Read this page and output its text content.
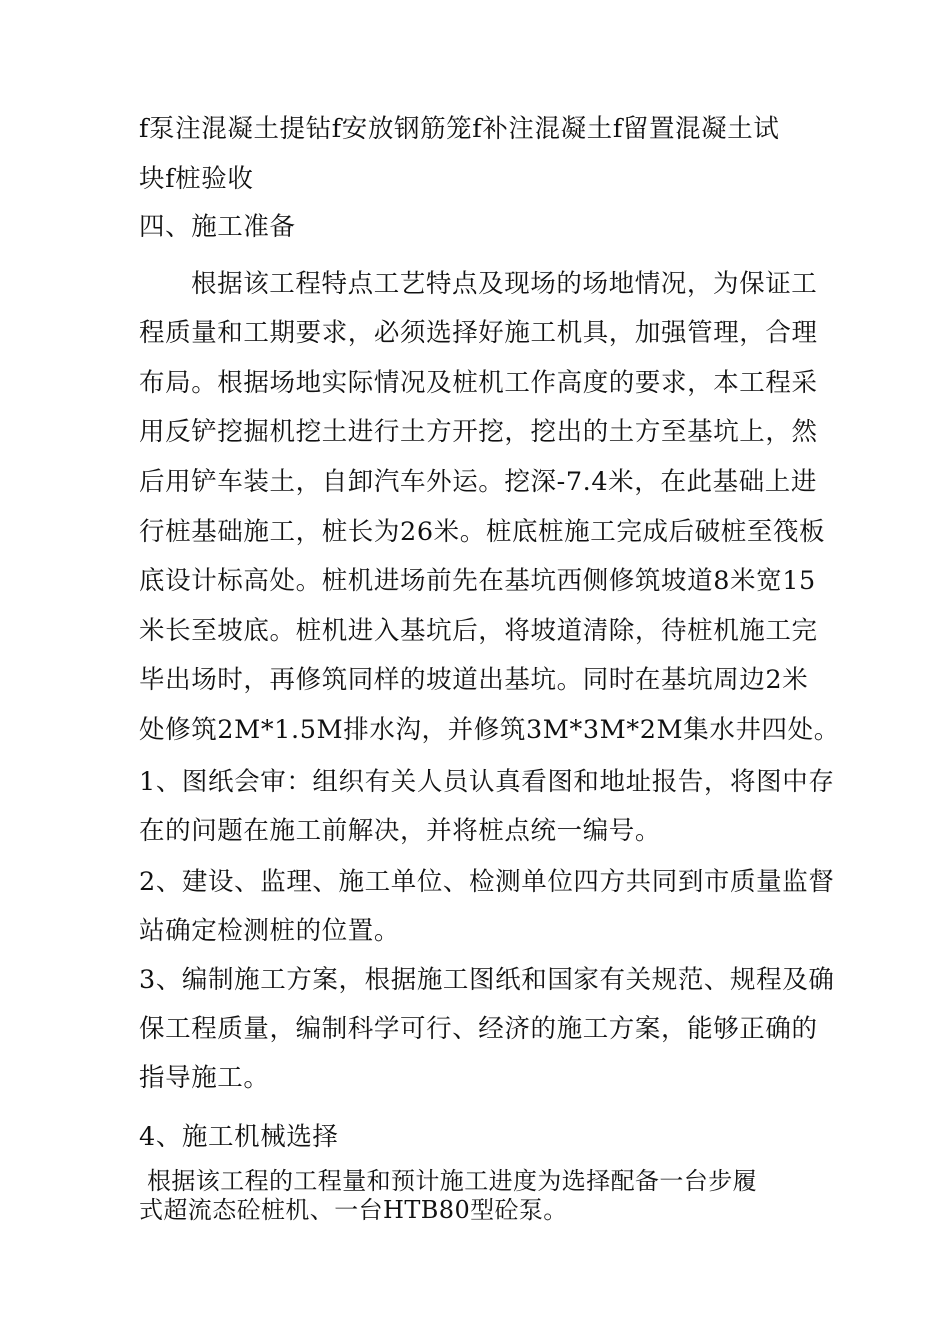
f泵注混凝土提钻f安放钢筋笼f补注混凝土f留置混凝土试
块f桩验收
四、施工准备
根据该工程特点工艺特点及现场的场地情况，为保证工
程质量和工期要求，必须选择好施工机具，加强管理，合理
布局。根据场地实际情况及桩机工作高度的要求，本工程采
用反铲挖掘机挖土进行土方开挖，挖出的土方至基坑上，然
后用铲车装土，自卸汽车外运。挖深-7.4米，在此基础上进
行桩基础施工，桩长为26米。桩底桩施工完成后破桩至筏板
底设计标高处。桩机进场前先在基坑西侧修筑坡道8米宽15
米长至坡底。桩机进入基坑后，将坡道清除，待桩机施工完
毕出场时，再修筑同样的坡道出基坑。同时在基坑周边2米
处修筑2M*1.5M排水沟，并修筑3M*3M*2M集水井四处。
1、图纸会审：组织有关人员认真看图和地址报告，将图中存
在的问题在施工前解决，并将桩点统一编号。
2、建设、监理、施工单位、检测单位四方共同到市质量监督
站确定检测桩的位置。
3、编制施工方案，根据施工图纸和国家有关规范、规程及确
保工程质量，编制科学可行、经济的施工方案，能够正确的
指导施工。
4、施工机械选择
根据该工程的工程量和预计施工进度为选择配备一台步履
式超流态砼桩机、一台HTB80型砼泵。
